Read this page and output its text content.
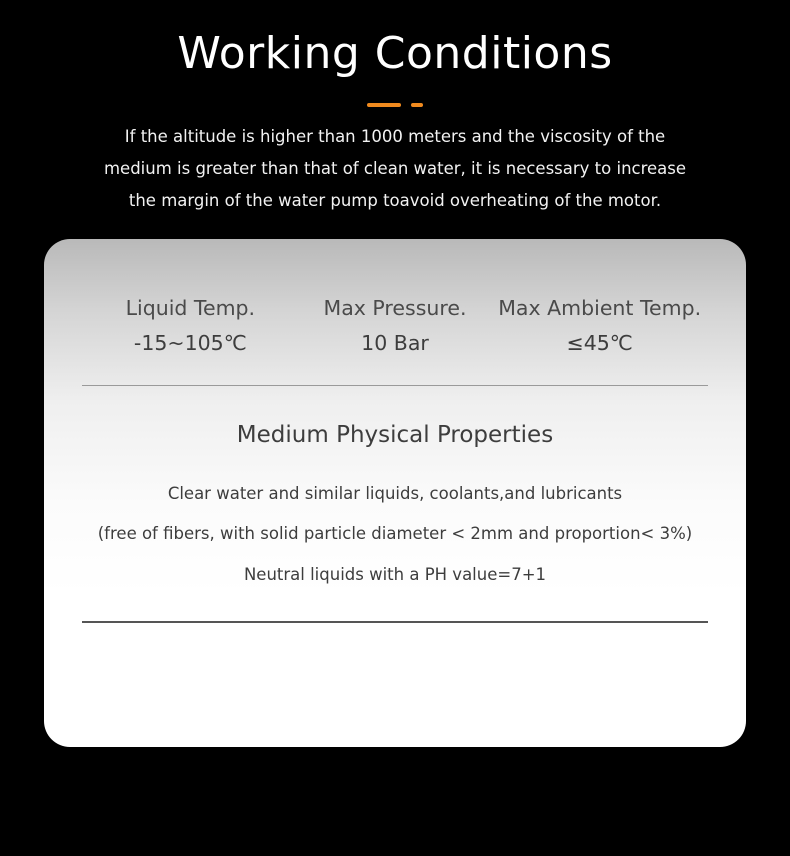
Working Conditions
If the altitude is higher than 1000 meters and the viscosity of the
medium is greater than that of clean water, it is necessary to increase
the margin of the water pump toavoid overheating of the motor.
Liquid Temp.
-15~105℃
Max Pressure.
10 Bar
Max Ambient Temp.
≤45℃
Medium Physical Properties
Clear water and similar liquids, coolants,and lubricants
(free of fibers, with solid particle diameter < 2mm and proportion< 3%)
Neutral liquids with a PH value=7+1
